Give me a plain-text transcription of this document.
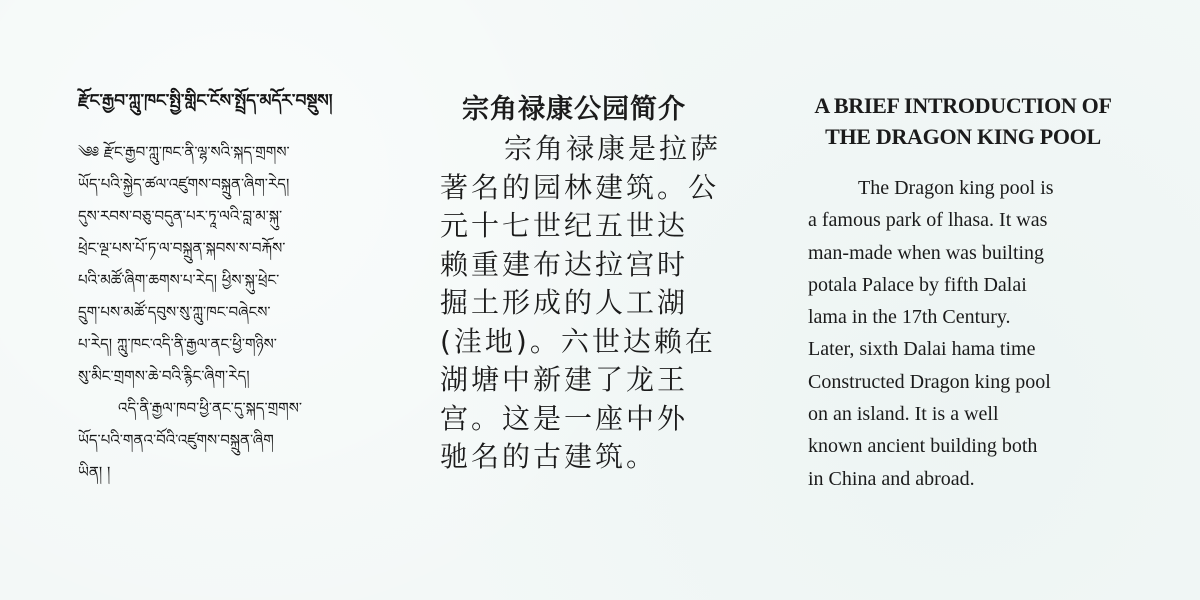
རྫོང་རྒྱབ་ཀླུ་ཁང་སྤྱི་གླིང་ངོས་སྤྲོད་མདོར་བསྡུས།
༄༅ རྫོང་རྒྱབ་ཀླུ་ཁང་ནི་ལྷ་སའི་སྐད་གྲགས་
ཡོད་པའི་སྐྱེད་ཚལ་འཛུགས་བསྐྲུན་ཞིག་རེད།
དུས་རབས་བཅུ་བདུན་པར་ཏཱ་ལའི་བླ་མ་སྐུ་
ཕྲེང་ལྔ་པས་པོ་ཏ་ལ་བསྐྲུན་སྐབས་ས་བརྐོས་
པའི་མཚོ་ཞིག་ཆགས་པ་རེད། ཕྱིས་སྐུ་ཕྲེང་
དྲུག་པས་མཚོ་དབུས་སུ་ཀླུ་ཁང་བཞེངས་
པ་རེད། ཀླུ་ཁང་འདི་ནི་རྒྱལ་ནང་ཕྱི་གཉིས་
སུ་མིང་གྲགས་ཆེ་བའི་རྙིང་ཞིག་རེད།
འདི་ནི་རྒྱལ་ཁབ་ཕྱི་ནང་དུ་སྐད་གྲགས་
ཡོད་པའི་གནའ་བོའི་འཛུགས་བསྐྲུན་ཞིག
ཡིན། །
宗角禄康公园简介
宗角禄康是拉萨
著名的园林建筑。公
元十七世纪五世达
赖重建布达拉宫时
掘土形成的人工湖
(洼地)。六世达赖在
湖塘中新建了龙王
宫。这是一座中外
驰名的古建筑。
A BRIEF INTRODUCTION OF
THE DRAGON KING POOL
The Dragon king pool is
a famous park of lhasa. It was
man-made when was builting
potala Palace by fifth Dalai
lama in the 17th Century.
Later, sixth Dalai hama time
Constructed Dragon king pool
on an island. It is a well
known ancient building both
in China and abroad.
